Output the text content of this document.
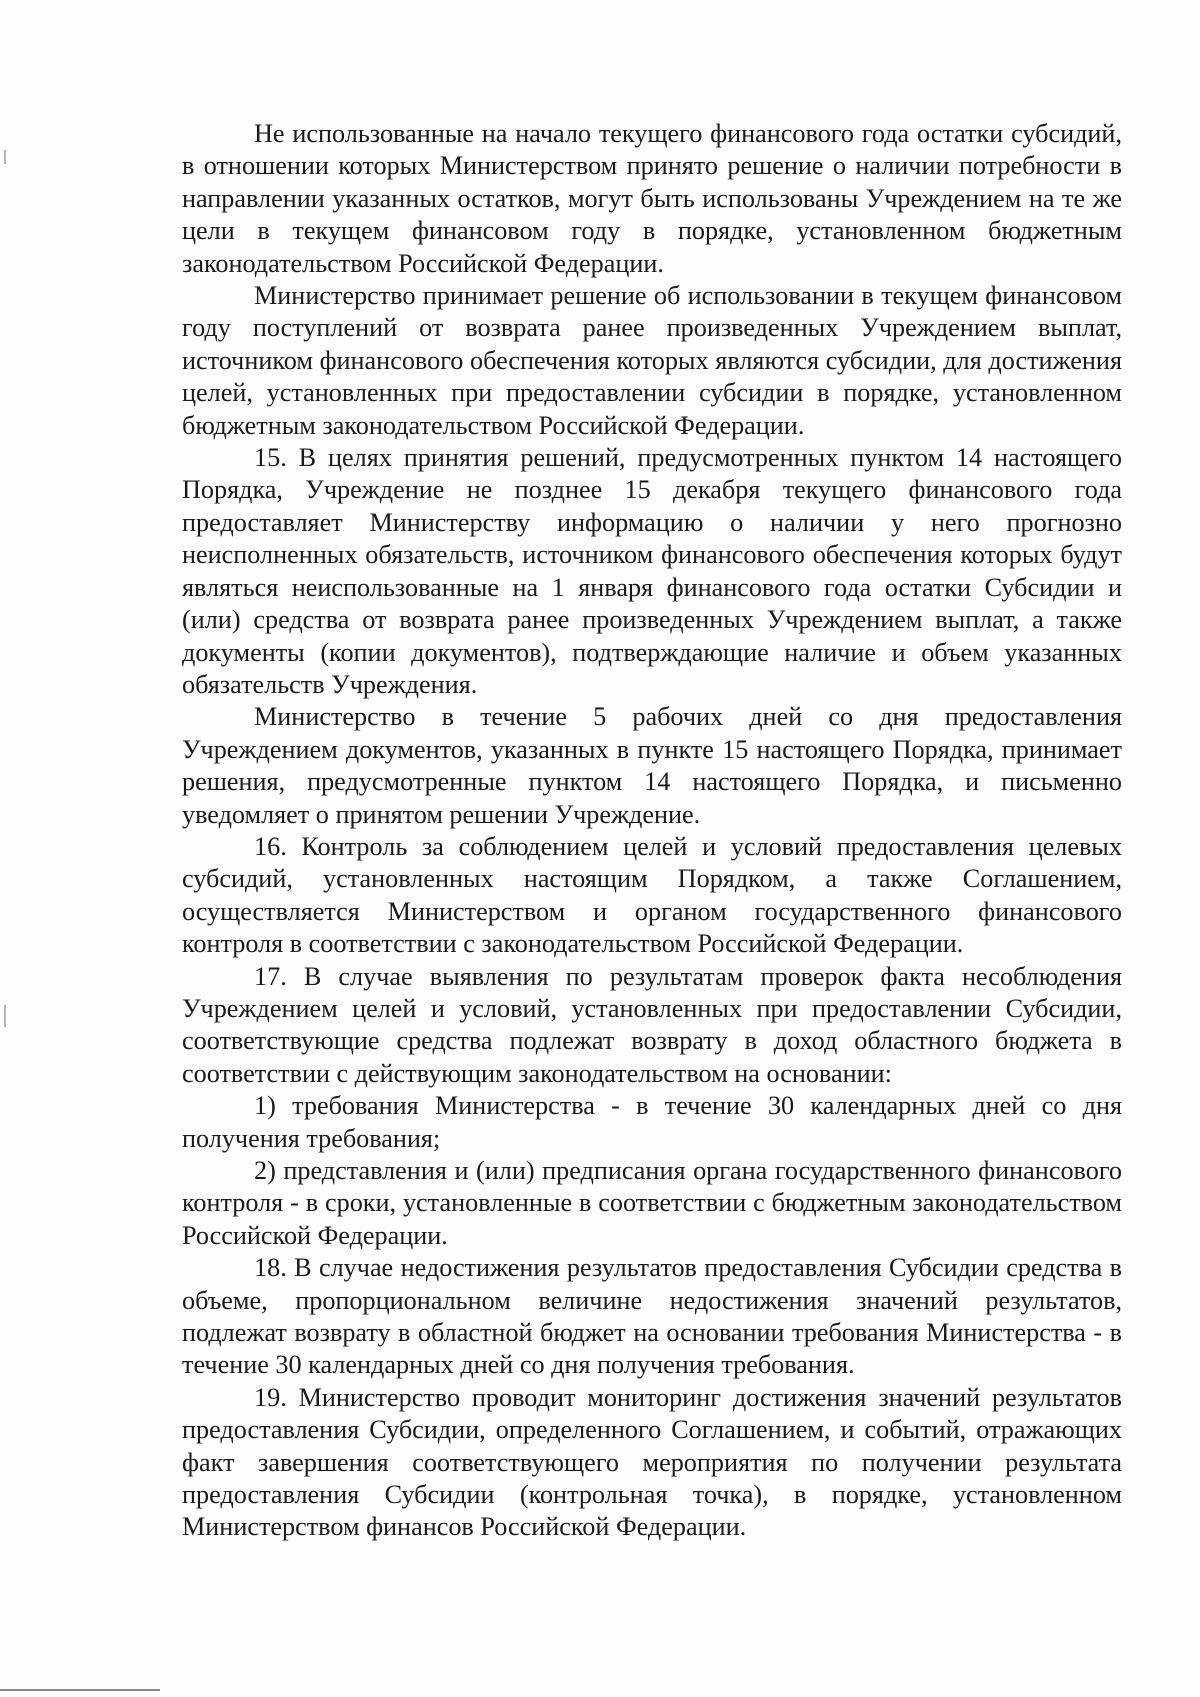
Не использованные на начало текущего финансового года остатки субсидий, в отношении которых Министерством принято решение о наличии потребности в направлении указанных остатков, могут быть использованы Учреждением на те же цели в текущем финансовом году в порядке, установленном бюджетным законодательством Российской Федерации.

Министерство принимает решение об использовании в текущем финансовом году поступлений от возврата ранее произведенных Учреждением выплат, источником финансового обеспечения которых являются субсидии, для достижения целей, установленных при предоставлении субсидии в порядке, установленном бюджетным законодательством Российской Федерации.

15. В целях принятия решений, предусмотренных пунктом 14 настоящего Порядка, Учреждение не позднее 15 декабря текущего финансового года предоставляет Министерству информацию о наличии у него прогнозно неисполненных обязательств, источником финансового обеспечения которых будут являться неиспользованные на 1 января финансового года остатки Субсидии и (или) средства от возврата ранее произведенных Учреждением выплат, а также документы (копии документов), подтверждающие наличие и объем указанных обязательств Учреждения.

Министерство в течение 5 рабочих дней со дня предоставления Учреждением документов, указанных в пункте 15 настоящего Порядка, принимает решения, предусмотренные пунктом 14 настоящего Порядка, и письменно уведомляет о принятом решении Учреждение.

16. Контроль за соблюдением целей и условий предоставления целевых субсидий, установленных настоящим Порядком, а также Соглашением, осуществляется Министерством и органом государственного финансового контроля в соответствии с законодательством Российской Федерации.

17. В случае выявления по результатам проверок факта несоблюдения Учреждением целей и условий, установленных при предоставлении Субсидии, соответствующие средства подлежат возврату в доход областного бюджета в соответствии с действующим законодательством на основании:

1) требования Министерства - в течение 30 календарных дней со дня получения требования;

2) представления и (или) предписания органа государственного финансового контроля - в сроки, установленные в соответствии с бюджетным законодательством Российской Федерации.

18. В случае недостижения результатов предоставления Субсидии средства в объеме, пропорциональном величине недостижения значений результатов, подлежат возврату в областной бюджет на основании требования Министерства - в течение 30 календарных дней со дня получения требования.

19. Министерство проводит мониторинг достижения значений результатов предоставления Субсидии, определенного Соглашением, и событий, отражающих факт завершения соответствующего мероприятия по получении результата предоставления Субсидии (контрольная точка), в порядке, установленном Министерством финансов Российской Федерации.
